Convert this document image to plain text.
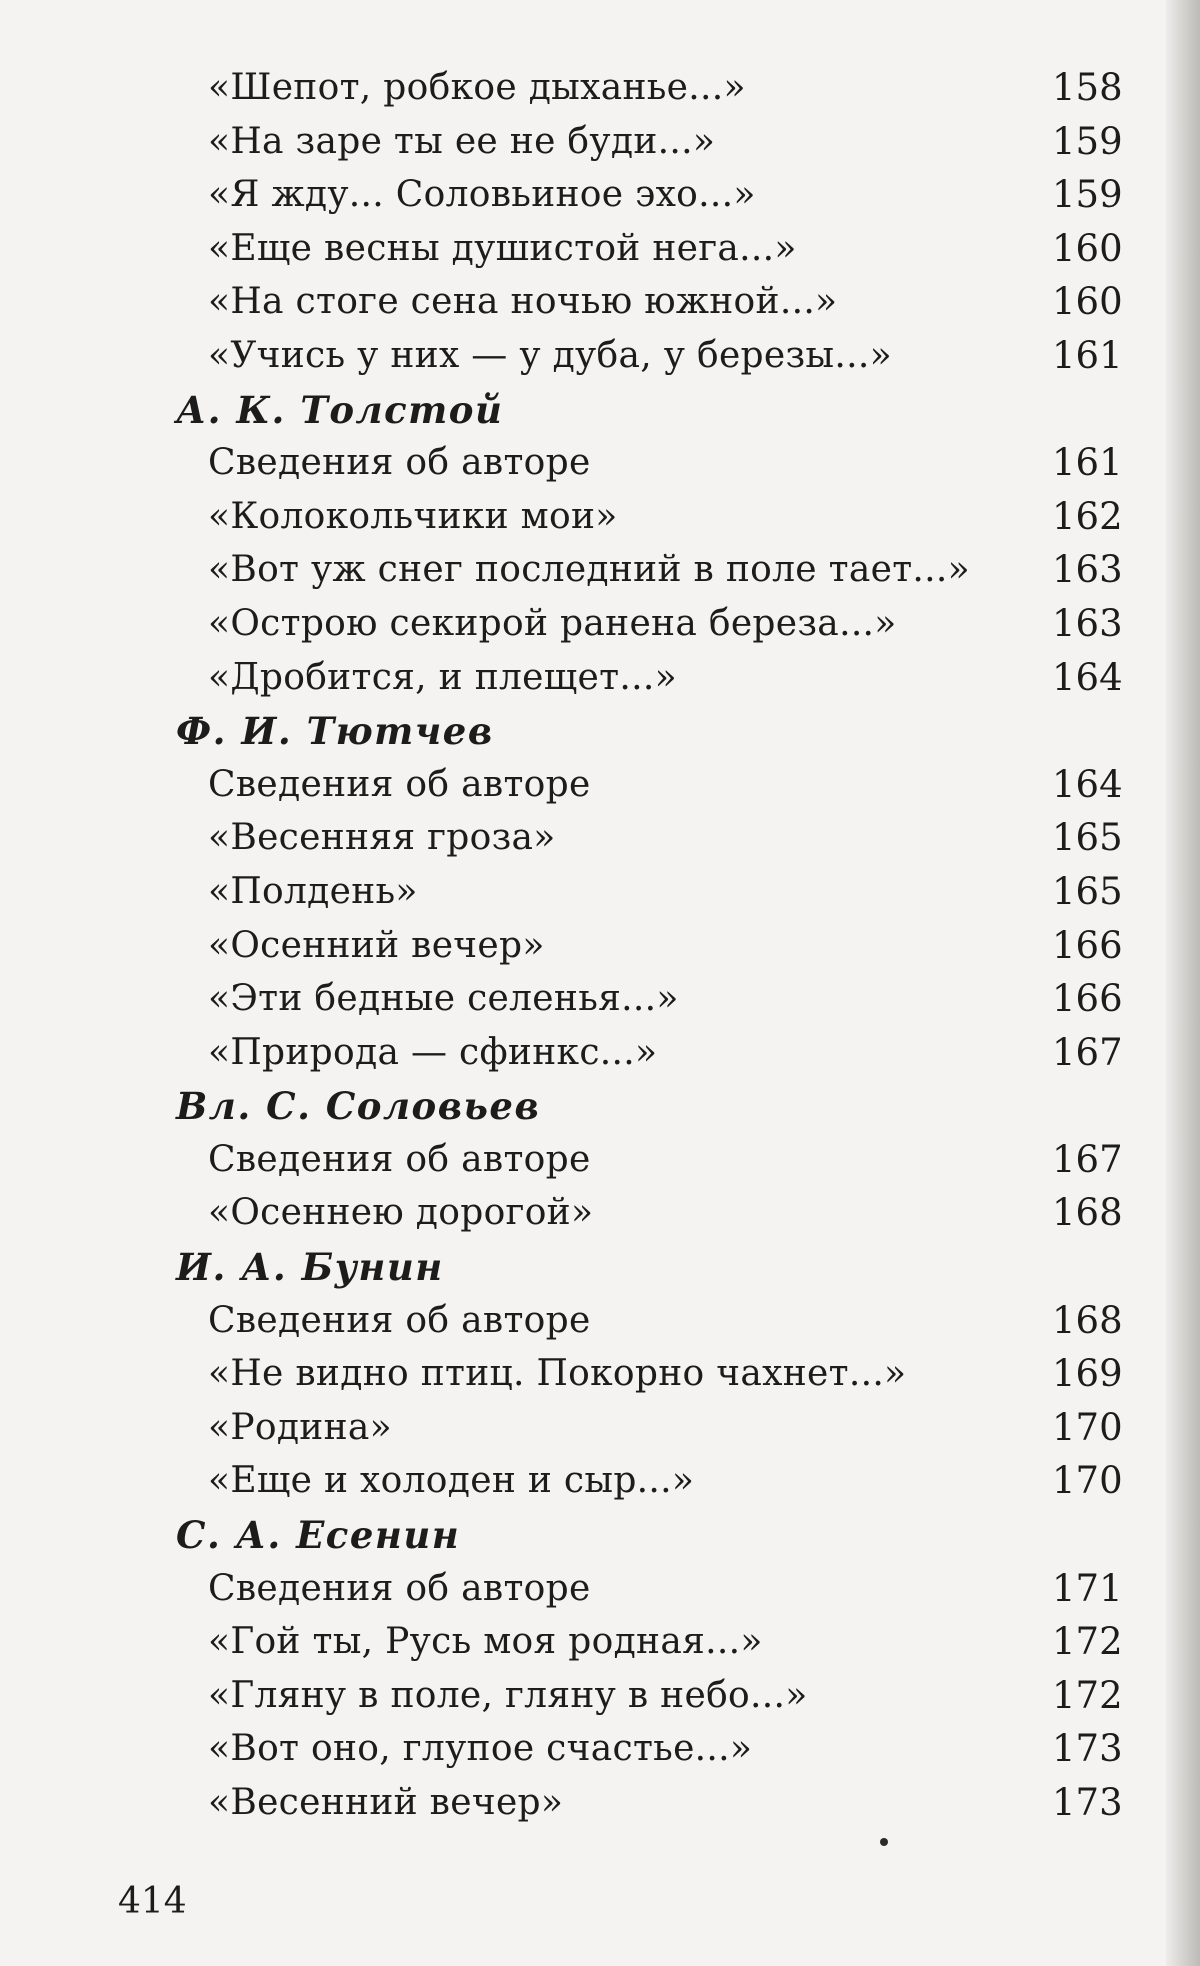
«Шепот, робкое дыханье...»	158
«На заре ты ее не буди...»	159
«Я жду... Соловьиное эхо...»	159
«Еще весны душистой нега...»	160
«На стоге сена ночью южной...»	160
«Учись у них — у дуба, у березы...»	161
А. К. Толстой
Сведения об авторе	161
«Колокольчики мои»	162
«Вот уж снег последний в поле тает...» 163
«Острою секирой ранена береза...»	163
«Дробится, и плещет...»	164
Ф. И. Тютчев
Сведения об авторе	164
«Весенняя гроза»	165
«Полдень»	165
«Осенний вечер»	166
«Эти бедные селенья...»	166
«Природа — сфинкс...»	167
Вл. С. Соловьев
Сведения об авторе	167
«Осеннею дорогой»	168
И. А. Бунин
Сведения об авторе	168
«Не видно птиц. Покорно чахнет...»	169
«Родина»	170
«Еще и холоден и сыр...»	170
С. А. Есенин
Сведения об авторе	171
«Гой ты, Русь моя родная...»	172
«Гляну в поле, гляну в небо...»	172
«Вот оно, глупое счастье...»	173
«Весенний вечер»	173
414
